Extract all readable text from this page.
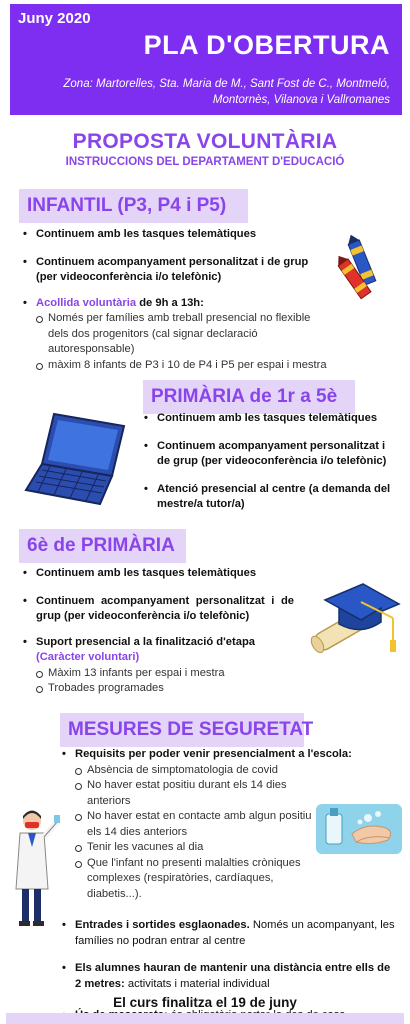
Juny 2020
PLA D'OBERTURA
Zona: Martorelles, Sta. Maria de M., Sant Fost de C., Montmeló,
Montornès, Vilanova i Vallromanes
PROPOSTA VOLUNTÀRIA
INSTRUCCIONS DEL DEPARTAMENT D'EDUCACIÓ
INFANTIL (P3, P4 i P5)
• Continuem amb les tasques telemàtiques
• Continuem acompanyament personalitzat i de grup (per videoconferència i/o telefònic)
• Acollida voluntària de 9h a 13h:
Només per famílies amb treball presencial no flexible dels dos progenitors (cal signar declaració autoresponsable)
màxim 8 infants de P3 i 10 de P4 i P5 per espai i mestra
PRIMÀRIA de 1r a 5è
• Continuem amb les tasques telemàtiques
• Continuem acompanyament personalitzat i de grup (per videoconferència i/o telefònic)
• Atenció presencial al centre (a demanda del mestre/a tutor/a)
6è de PRIMÀRIA
• Continuem amb les tasques telemàtiques
• Continuem acompanyament personalitzat i de grup (per videoconferència i/o telefònic)
• Suport presencial a la finalització d'etapa
(Caràcter voluntari)
Màxim 13 infants per espai i mestra
Trobades programades
MESURES DE SEGURETAT
• Requisits per poder venir presencialment a l'escola:
Absència de simptomatologia de covid
No haver estat positiu durant els 14 dies anteriors
No haver estat en contacte amb algun positiu els 14 dies anteriors
Tenir les vacunes al dia
Que l'infant no presenti malalties cròniques complexes (respiratòries, cardíaques, diabetis...).
• Entrades i sortides esglaonades. Només un acompanyant, les famílies no podran entrar al centre
• Els alumnes hauran de mantenir una distància entre ells de 2 metres: activitats i material individual
•
El curs finalitza el 19 de juny
